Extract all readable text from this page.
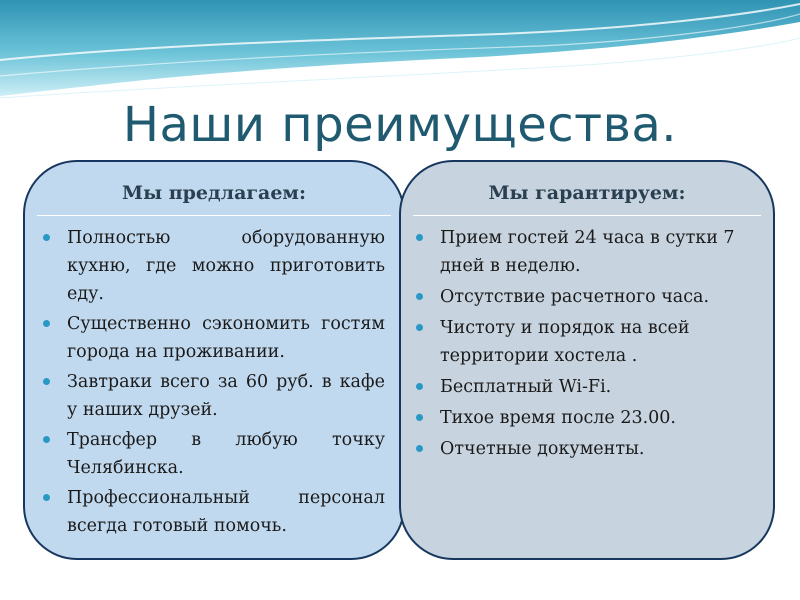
Наши преимущества.
Мы предлагаем:
Полностью оборудованную кухню, где можно приготовить еду.
Существенно сэкономить гостям города на проживании.
Завтраки всего за 60 руб. в кафе у наших друзей.
Трансфер в любую точку Челябинска.
Профессиональный персонал всегда готовый помочь.
Мы гарантируем:
Прием гостей 24 часа в сутки 7 дней в неделю.
Отсутствие расчетного часа.
Чистоту и порядок на всей территории хостела .
Бесплатный Wi-Fi.
Тихое время после 23.00.
Отчетные документы.
